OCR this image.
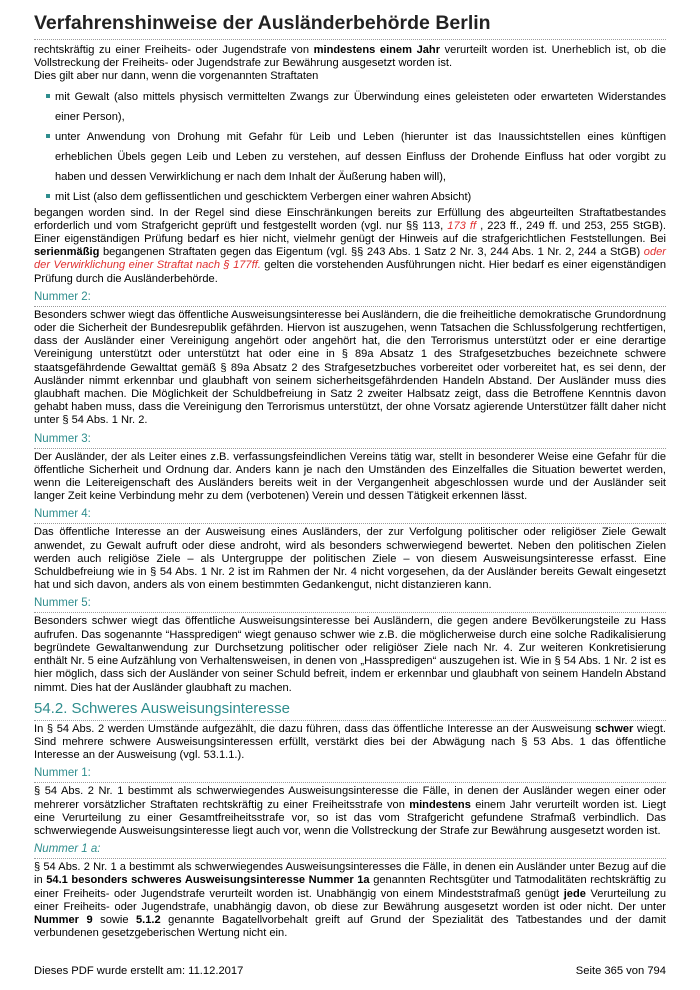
Verfahrenshinweise der Ausländerbehörde Berlin

rechtskräftig zu einer Freiheits- oder Jugendstrafe von mindestens einem Jahr verurteilt worden ist. Unerheblich ist, ob die Vollstreckung der Freiheits- oder Jugendstrafe zur Bewährung ausgesetzt worden ist.

Dies gilt aber nur dann, wenn die vorgenannten Straftaten

mit Gewalt (also mittels physisch vermittelten Zwangs zur Überwindung eines geleisteten oder erwarteten Widerstandes einer Person),
unter Anwendung von Drohung mit Gefahr für Leib und Leben (hierunter ist das Inaussichtstellen eines künftigen erheblichen Übels gegen Leib und Leben zu verstehen, auf dessen Einfluss der Drohende Einfluss hat oder vorgibt zu haben und dessen Verwirklichung er nach dem Inhalt der Äußerung haben will),
mit List (also dem geflissentlichen und geschicktem Verbergen einer wahren Absicht)

begangen worden sind. In der Regel sind diese Einschränkungen bereits zur Erfüllung des abgeurteilten Straftatbestandes erforderlich und vom Strafgericht geprüft und festgestellt worden (vgl. nur §§ 113, 173 ff , 223 ff., 249 ff. und 253, 255 StGB). Einer eigenständigen Prüfung bedarf es hier nicht, vielmehr genügt der Hinweis auf die strafgerichtlichen Feststellungen. Bei serienmäßig begangenen Straftaten gegen das Eigentum (vgl. §§ 243 Abs. 1 Satz 2 Nr. 3, 244 Abs. 1 Nr. 2, 244 a StGB) oder der Verwirklichung einer Straftat nach § 177ff. gelten die vorstehenden Ausführungen nicht. Hier bedarf es einer eigenständigen Prüfung durch die Ausländerbehörde.

Nummer 2:

Besonders schwer wiegt das öffentliche Ausweisungsinteresse bei Ausländern, die die freiheitliche demokratische Grundordnung oder die Sicherheit der Bundesrepublik gefährden. Hiervon ist auszugehen, wenn Tatsachen die Schlussfolgerung rechtfertigen, dass der Ausländer einer Vereinigung angehört oder angehört hat, die den Terrorismus unterstützt oder er eine derartige Vereinigung unterstützt oder unterstützt hat oder eine in § 89a Absatz 1 des Strafgesetzbuches bezeichnete schwere staatsgefährdende Gewalttat gemäß § 89a Absatz 2 des Strafgesetzbuches vorbereitet oder vorbereitet hat, es sei denn, der Ausländer nimmt erkennbar und glaubhaft von seinem sicherheitsgefährdenden Handeln Abstand. Der Ausländer muss dies glaubhaft machen. Die Möglichkeit der Schuldbefreiung in Satz 2 zweiter Halbsatz zeigt, dass die Betroffene Kenntnis davon gehabt haben muss, dass die Vereinigung den Terrorismus unterstützt, der ohne Vorsatz agierende Unterstützer fällt daher nicht unter § 54 Abs. 1 Nr. 2.

Nummer 3:

Der Ausländer, der als Leiter eines z.B. verfassungsfeindlichen Vereins tätig war, stellt in besonderer Weise eine Gefahr für die öffentliche Sicherheit und Ordnung dar. Anders kann je nach den Umständen des Einzelfalles die Situation bewertet werden, wenn die Leitereigenschaft des Ausländers bereits weit in der Vergangenheit abgeschlossen wurde und der Ausländer seit langer Zeit keine Verbindung mehr zu dem (verbotenen) Verein und dessen Tätigkeit erkennen lässt.

Nummer 4:

Das öffentliche Interesse an der Ausweisung eines Ausländers, der zur Verfolgung politischer oder religiöser Ziele Gewalt anwendet, zu Gewalt aufruft oder diese androht, wird als besonders schwerwiegend bewertet. Neben den politischen Zielen werden auch religiöse Ziele – als Untergruppe der politischen Ziele – von diesem Ausweisungsinteresse erfasst. Eine Schuldbefreiung wie in § 54 Abs. 1 Nr. 2 ist im Rahmen der Nr. 4 nicht vorgesehen, da der Ausländer bereits Gewalt eingesetzt hat und sich davon, anders als von einem bestimmten Gedankengut, nicht distanzieren kann.

Nummer 5:

Besonders schwer wiegt das öffentliche Ausweisungsinteresse bei Ausländern, die gegen andere Bevölkerungsteile zu Hass aufrufen. Das sogenannte “Hasspredigen“ wiegt genauso schwer wie z.B. die möglicherweise durch eine solche Radikalisierung begründete Gewaltanwendung zur Durchsetzung politischer oder religiöser Ziele nach Nr. 4. Zur weiteren Konkretisierung enthält Nr. 5 eine Aufzählung von Verhaltensweisen, in denen von „Hasspredigen“ auszugehen ist. Wie in § 54 Abs. 1 Nr. 2 ist es hier möglich, dass sich der Ausländer von seiner Schuld befreit, indem er erkennbar und glaubhaft von seinem Handeln Abstand nimmt. Dies hat der Ausländer glaubhaft zu machen.

54.2. Schweres Ausweisungsinteresse

In § 54 Abs. 2 werden Umstände aufgezählt, die dazu führen, dass das öffentliche Interesse an der Ausweisung schwer wiegt. Sind mehrere schwere Ausweisungsinteressen erfüllt, verstärkt dies bei der Abwägung nach § 53 Abs. 1 das öffentliche Interesse an der Ausweisung (vgl. 53.1.1.).

Nummer 1:

§ 54 Abs. 2 Nr. 1 bestimmt als schwerwiegendes Ausweisungsinteresse die Fälle, in denen der Ausländer wegen einer oder mehrerer vorsätzlicher Straftaten rechtskräftig zu einer Freiheitsstrafe von mindestens einem Jahr verurteilt worden ist. Liegt eine Verurteilung zu einer Gesamtfreiheitsstrafe vor, so ist das vom Strafgericht gefundene Strafmaß verbindlich. Das schwerwiegende Ausweisungsinteresse liegt auch vor, wenn die Vollstreckung der Strafe zur Bewährung ausgesetzt worden ist.

Nummer 1 a:

§ 54 Abs. 2 Nr. 1 a bestimmt als schwerwiegendes Ausweisungsinteresses die Fälle, in denen ein Ausländer unter Bezug auf die in 54.1 besonders schweres Ausweisungsinteresse Nummer 1a genannten Rechtsgüter und Tatmodalitäten rechtskräftig zu einer Freiheits- oder Jugendstrafe verurteilt worden ist. Unabhängig von einem Mindeststrafmaß genügt jede Verurteilung zu einer Freiheits- oder Jugendstrafe, unabhängig davon, ob diese zur Bewährung ausgesetzt worden ist oder nicht. Der unter Nummer 9 sowie 5.1.2 genannte Bagatellvorbehalt greift auf Grund der Spezialität des Tatbestandes und der damit verbundenen gesetzgeberischen Wertung nicht ein.

Dieses PDF wurde erstellt am: 11.12.2017	Seite 365 von 794
